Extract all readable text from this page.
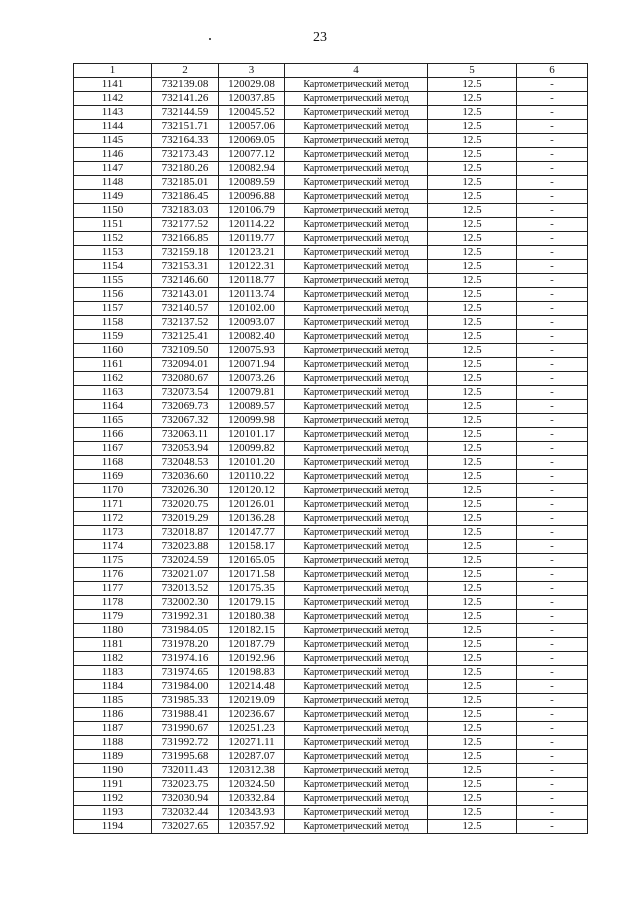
23
1	2	3	4	5	6
1141	732139.08	120029.08	Картометрический метод	12.5	-
1142	732141.26	120037.85	Картометрический метод	12.5	-
1143	732144.59	120045.52	Картометрический метод	12.5	-
1144	732151.71	120057.06	Картометрический метод	12.5	-
1145	732164.33	120069.05	Картометрический метод	12.5	-
1146	732173.43	120077.12	Картометрический метод	12.5	-
1147	732180.26	120082.94	Картометрический метод	12.5	-
1148	732185.01	120089.59	Картометрический метод	12.5	-
1149	732186.45	120096.88	Картометрический метод	12.5	-
1150	732183.03	120106.79	Картометрический метод	12.5	-
1151	732177.52	120114.22	Картометрический метод	12.5	-
1152	732166.85	120119.77	Картометрический метод	12.5	-
1153	732159.18	120123.21	Картометрический метод	12.5	-
1154	732153.31	120122.31	Картометрический метод	12.5	-
1155	732146.60	120118.77	Картометрический метод	12.5	-
1156	732143.01	120113.74	Картометрический метод	12.5	-
1157	732140.57	120102.00	Картометрический метод	12.5	-
1158	732137.52	120093.07	Картометрический метод	12.5	-
1159	732125.41	120082.40	Картометрический метод	12.5	-
1160	732109.50	120075.93	Картометрический метод	12.5	-
1161	732094.01	120071.94	Картометрический метод	12.5	-
1162	732080.67	120073.26	Картометрический метод	12.5	-
1163	732073.54	120079.81	Картометрический метод	12.5	-
1164	732069.73	120089.57	Картометрический метод	12.5	-
1165	732067.32	120099.98	Картометрический метод	12.5	-
1166	732063.11	120101.17	Картометрический метод	12.5	-
1167	732053.94	120099.82	Картометрический метод	12.5	-
1168	732048.53	120101.20	Картометрический метод	12.5	-
1169	732036.60	120110.22	Картометрический метод	12.5	-
1170	732026.30	120120.12	Картометрический метод	12.5	-
1171	732020.75	120126.01	Картометрический метод	12.5	-
1172	732019.29	120136.28	Картометрический метод	12.5	-
1173	732018.87	120147.77	Картометрический метод	12.5	-
1174	732023.88	120158.17	Картометрический метод	12.5	-
1175	732024.59	120165.05	Картометрический метод	12.5	-
1176	732021.07	120171.58	Картометрический метод	12.5	-
1177	732013.52	120175.35	Картометрический метод	12.5	-
1178	732002.30	120179.15	Картометрический метод	12.5	-
1179	731992.31	120180.38	Картометрический метод	12.5	-
1180	731984.05	120182.15	Картометрический метод	12.5	-
1181	731978.20	120187.79	Картометрический метод	12.5	-
1182	731974.16	120192.96	Картометрический метод	12.5	-
1183	731974.65	120198.83	Картометрический метод	12.5	-
1184	731984.00	120214.48	Картометрический метод	12.5	-
1185	731985.33	120219.09	Картометрический метод	12.5	-
1186	731988.41	120236.67	Картометрический метод	12.5	-
1187	731990.67	120251.23	Картометрический метод	12.5	-
1188	731992.72	120271.11	Картометрический метод	12.5	-
1189	731995.68	120287.07	Картометрический метод	12.5	-
1190	732011.43	120312.38	Картометрический метод	12.5	-
1191	732023.75	120324.50	Картометрический метод	12.5	-
1192	732030.94	120332.84	Картометрический метод	12.5	-
1193	732032.44	120343.93	Картометрический метод	12.5	-
1194	732027.65	120357.92	Картометрический метод	12.5	-
